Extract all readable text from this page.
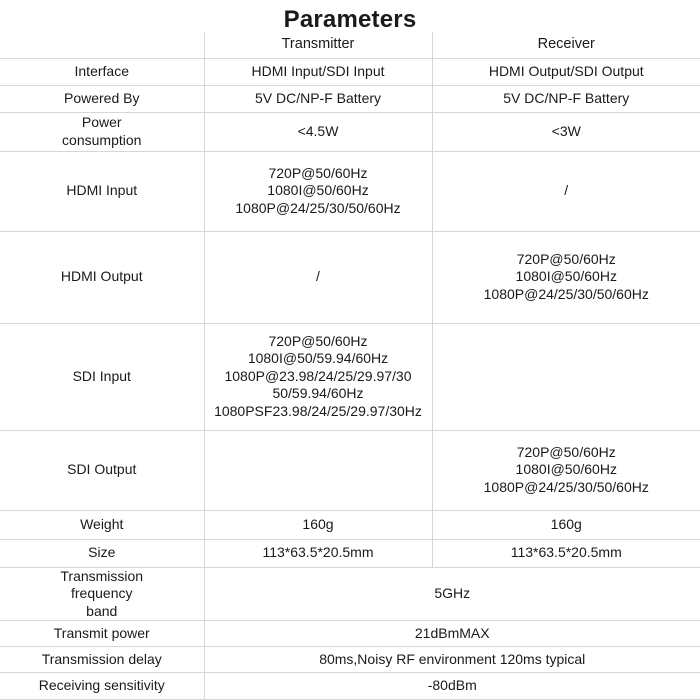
Parameters
	Transmitter	Receiver

Interface	HDMI Input/SDI Input	HDMI Output/SDI Output

Powered By	5V DC/NP-F Battery	5V DC/NP-F Battery

Power
consumption	<4.5W	<3W

HDMI Input	720P@50/60Hz
1080I@50/60Hz
1080P@24/25/30/50/60Hz	/

HDMI Output	/	720P@50/60Hz
1080I@50/60Hz
1080P@24/25/30/50/60Hz

SDI Input	720P@50/60Hz
1080I@50/59.94/60Hz
1080P@23.98/24/25/29.97/30
50/59.94/60Hz
1080PSF23.98/24/25/29.97/30Hz	

SDI Output		720P@50/60Hz
1080I@50/60Hz
1080P@24/25/30/50/60Hz

Weight	160g	160g

Size	113*63.5*20.5mm	113*63.5*20.5mm

Transmission
frequency
band	5GHz	

Transmit power	21dBmMAX	

Transmission delay	80ms,Noisy RF environment 120ms typical	

Receiving sensitivity	-80dBm	
